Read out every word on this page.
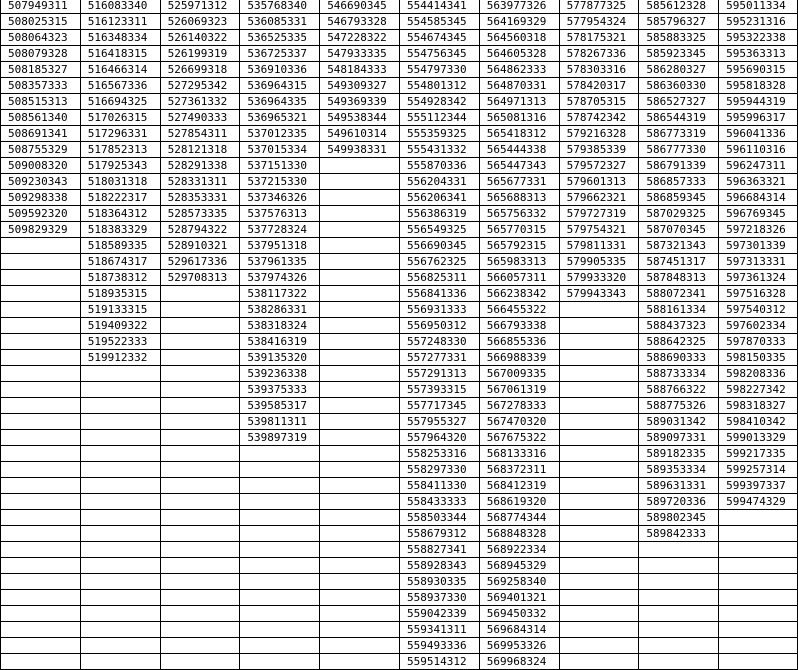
507949311	516083340	525971312	535768340	546690345	554414341	563977326	577877325	585612328	595011334
508025315	516123311	526069323	536085331	546793328	554585345	564169329	577954324	585796327	595231316
508064323	516348334	526140322	536525335	547228322	554674345	564560318	578175321	585883325	595322338
508079328	516418315	526199319	536725337	547933335	554756345	564605328	578267336	585923345	595363313
508185327	516466314	526699318	536910336	548184333	554797330	564862333	578303316	586280327	595690315
508357333	516567336	527295342	536964315	549309327	554801312	564870331	578420317	586360330	595818328
508515313	516694325	527361332	536964335	549369339	554928342	564971313	578705315	586527327	595944319
508561340	517026315	527490333	536965321	549538344	555112344	565081316	578742342	586544319	595996317
508691341	517296331	527854311	537012335	549610314	555359325	565418312	579216328	586773319	596041336
508755329	517852313	528121318	537015334	549938331	555431332	565444338	579385339	586777330	596110316
509008320	517925343	528291338	537151330		555870336	565447343	579572327	586791339	596247311
509230343	518031318	528331311	537215330		556204331	565677331	579601313	586857333	596363321
509298338	518222317	528353331	537346326		556206341	565688313	579662321	586859345	596684314
509592320	518364312	528573335	537576313		556386319	565756332	579727319	587029325	596769345
509829329	518383329	528794322	537728324		556549325	565770315	579754321	587070345	597218326
	518589335	528910321	537951318		556690345	565792315	579811331	587321343	597301339
	518674317	529617336	537961335		556762325	565983313	579905335	587451317	597313331
	518738312	529708313	537974326		556825311	566057311	579933320	587848313	597361324
	518935315		538117322		556841336	566238342	579943343	588072341	597516328
	519133315		538286331		556931333	566455322		588161334	597540312
	519409322		538318324		556950312	566793338		588437323	597602334
	519522333		538416319		557248330	566855336		588642325	597870333
	519912332		539135320		557277331	566988339		588690333	598150335
			539236338		557291313	567009335		588733334	598208336
			539375333		557393315	567061319		588766322	598227342
			539585317		557717345	567278333		588775326	598318327
			539811311		557955327	567470320		589031342	598410342
			539897319		557964320	567675322		589097331	599013329
					558253316	568133316		589182335	599217335
					558297330	568372311		589353334	599257314
					558411330	568412319		589631331	599397337
					558433333	568619320		589720336	599474329
					558503344	568774344		589802345	
					558679312	568848328		589842333	
					558827341	568922334			
					558928343	568945329			
					558930335	569258340			
					558937330	569401321			
					559042339	569450332			
					559341311	569684314			
					559493336	569953326			
					559514312	569968324			
